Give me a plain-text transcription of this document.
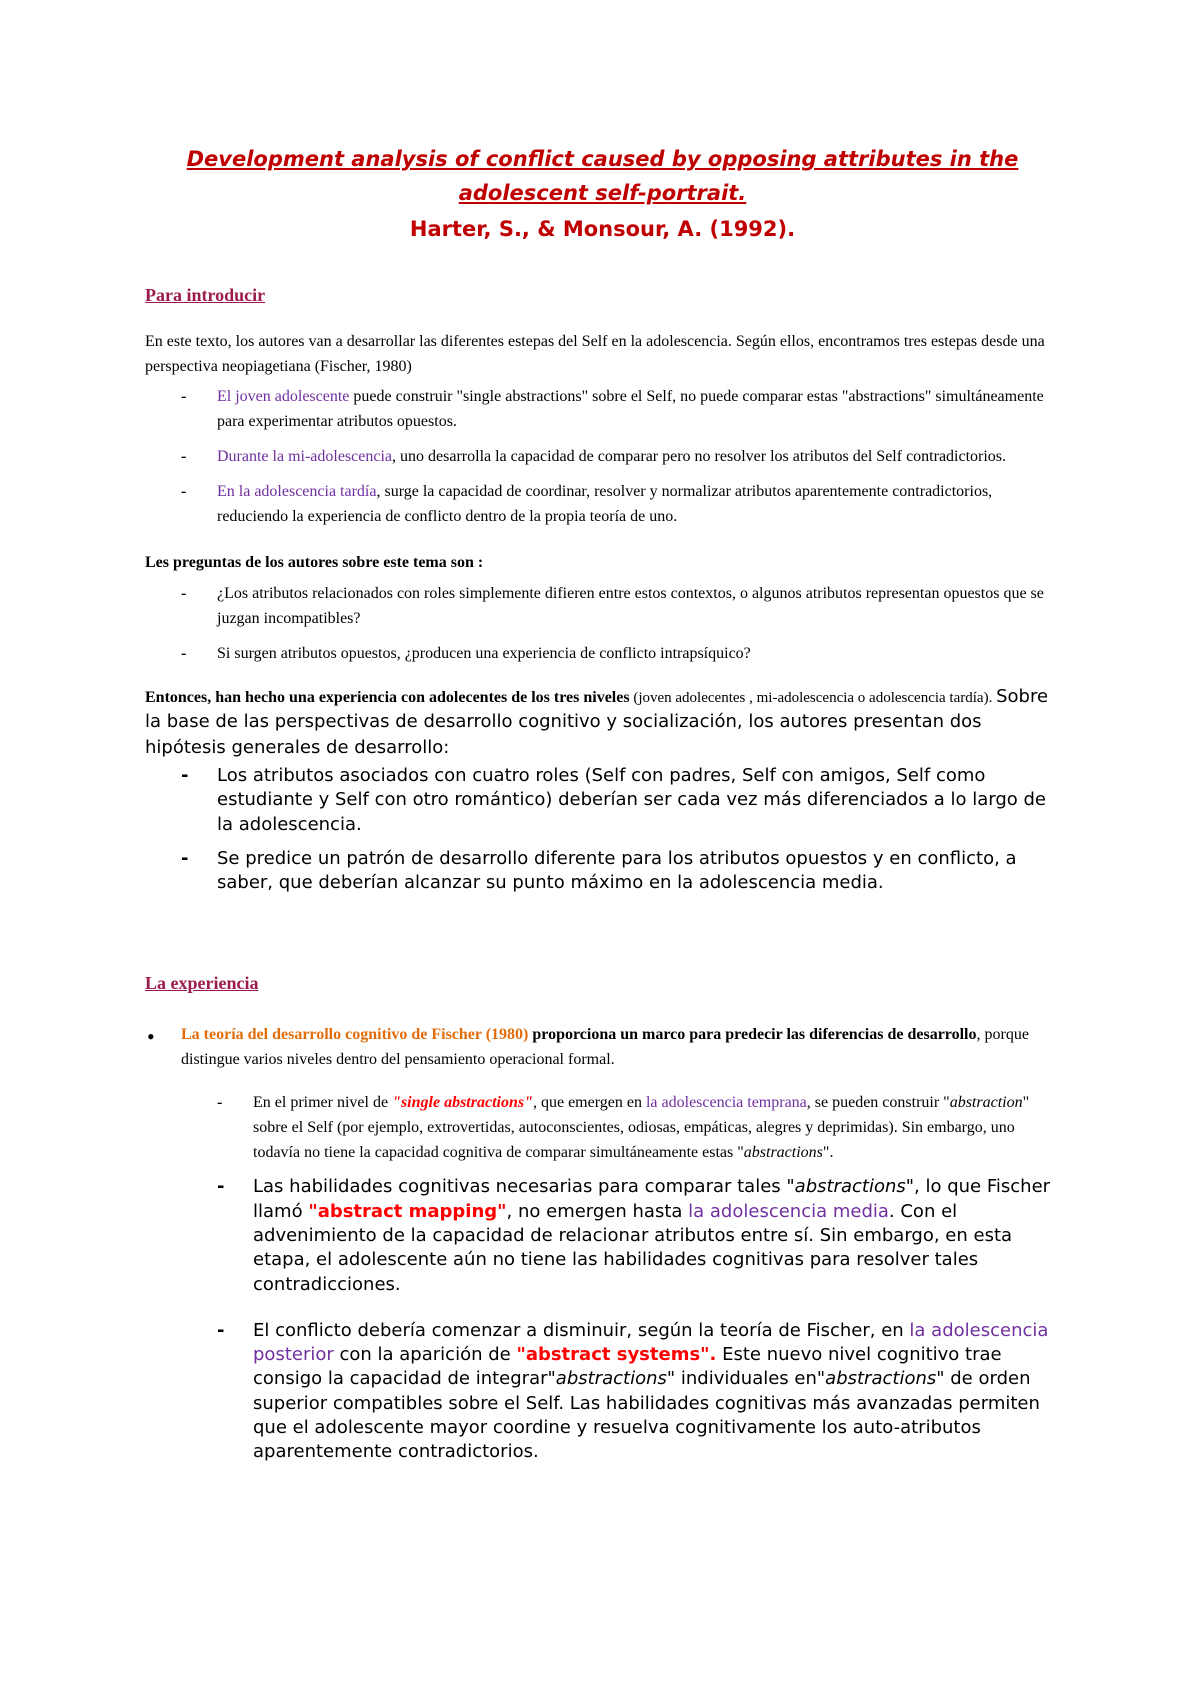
Development analysis of conflict caused by opposing attributes in the
adolescent self-portrait.
Harter, S., & Monsour, A. (1992).
Para introducir

En este texto, los autores van a desarrollar las diferentes estepas del Self en la adolescencia. Según ellos, encontramos tres estepas desde una perspectiva neopiagetiana (Fischer, 1980)

- El joven adolescente puede construir "single abstractions" sobre el Self, no puede comparar estas "abstractions" simultáneamente para experimentar atributos opuestos.
- Durante la mi-adolescencia, uno desarrolla la capacidad de comparar pero no resolver los atributos del Self contradictorios.
- En la adolescencia tardía, surge la capacidad de coordinar, resolver y normalizar atributos aparentemente contradictorios, reduciendo la experiencia de conflicto dentro de la propia teoría de uno.

Les preguntas de los autores sobre este tema son :

- ¿Los atributos relacionados con roles simplemente difieren entre estos contextos, o algunos atributos representan opuestos que se juzgan incompatibles?
- Si surgen atributos opuestos, ¿producen una experiencia de conflicto intrapsíquico?

Entonces, han hecho una experiencia con adolecentes de los tres niveles (joven adolecentes , mi-adolescencia o adolescencia tardía). Sobre la base de las perspectivas de desarrollo cognitivo y socialización, los autores presentan dos hipótesis generales de desarrollo:

- Los atributos asociados con cuatro roles (Self con padres, Self con amigos, Self como estudiante y Self con otro romántico) deberían ser cada vez más diferenciados a lo largo de la adolescencia.
- Se predice un patrón de desarrollo diferente para los atributos opuestos y en conflicto, a saber, que deberían alcanzar su punto máximo en la adolescencia media.
La experiencia
• La teoría del desarrollo cognitivo de Fischer (1980) proporciona un marco para predecir las diferencias de desarrollo, porque distingue varios niveles dentro del pensamiento operacional formal.
- En el primer nivel de "single abstractions", que emergen en la adolescencia temprana, se pueden construir "abstraction" sobre el Self (por ejemplo, extrovertidas, autoconscientes, odiosas, empáticas, alegres y deprimidas). Sin embargo, uno todavía no tiene la capacidad cognitiva de comparar simultáneamente estas "abstractions".
- Las habilidades cognitivas necesarias para comparar tales "abstractions", lo que Fischer llamó "abstract mapping", no emergen hasta la adolescencia media. Con el advenimiento de la capacidad de relacionar atributos entre sí. Sin embargo, en esta etapa, el adolescente aún no tiene las habilidades cognitivas para resolver tales contradicciones.
- El conflicto debería comenzar a disminuir, según la teoría de Fischer, en la adolescencia posterior con la aparición de "abstract systems". Este nuevo nivel cognitivo trae consigo la capacidad de integrar"abstractions" individuales en"abstractions" de orden superior compatibles sobre el Self. Las habilidades cognitivas más avanzadas permiten que el adolescente mayor coordine y resuelva cognitivamente los auto-atributos aparentemente contradictorios.
